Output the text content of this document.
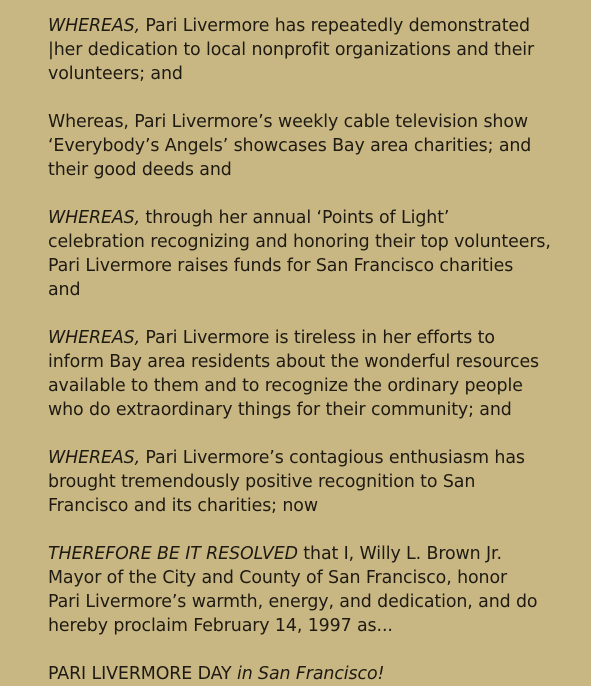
WHEREAS, Pari Livermore has repeatedly demonstrated
|her dedication to local nonprofit organizations and their
volunteers; and

Whereas, Pari Livermore’s weekly cable television show
‘Everybody’s Angels’ showcases Bay area charities; and
their good deeds and

WHEREAS, through her annual ‘Points of Light’
celebration recognizing and honoring their top volunteers,
Pari Livermore raises funds for San Francisco charities
and

WHEREAS, Pari Livermore is tireless in her efforts to
inform Bay area residents about the wonderful resources
available to them and to recognize the ordinary people
who do extraordinary things for their community; and

WHEREAS, Pari Livermore’s contagious enthusiasm has
brought tremendously positive recognition to San
Francisco and its charities; now

THEREFORE BE IT RESOLVED that I, Willy L. Brown Jr.
Mayor of the City and County of San Francisco, honor
Pari Livermore’s warmth, energy, and dedication, and do
hereby proclaim February 14, 1997 as...

PARI LIVERMORE DAY in San Francisco!
